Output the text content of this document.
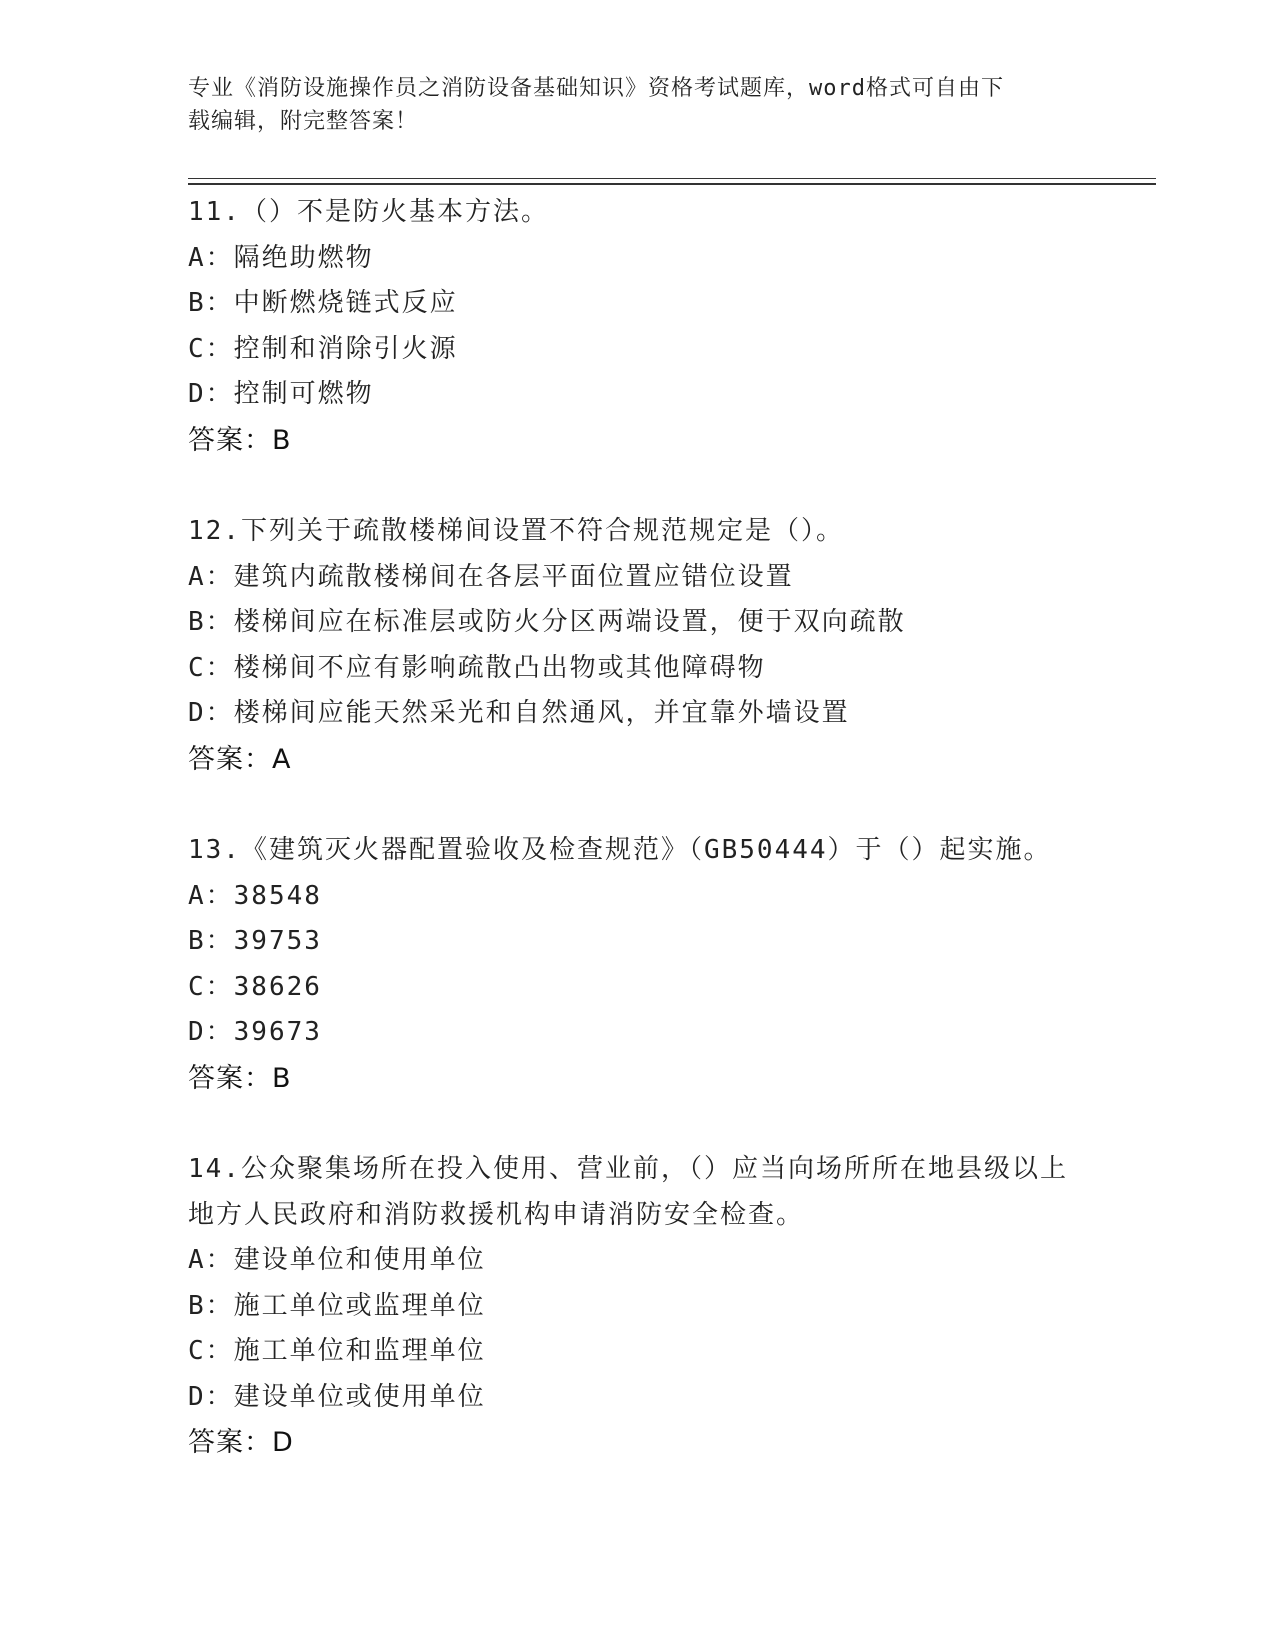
专业《消防设施操作员之消防设备基础知识》资格考试题库，word格式可自由下
载编辑，附完整答案！
11.（）不是防火基本方法。
A：隔绝助燃物
B：中断燃烧链式反应
C：控制和消除引火源
D：控制可燃物
答案 ： B
12.下列关于疏散楼梯间设置不符合规范规定是（）。
A：建筑内疏散楼梯间在各层平面位置应错位设置
B：楼梯间应在标准层或防火分区两端设置，便于双向疏散
C：楼梯间不应有影响疏散凸出物或其他障碍物
D：楼梯间应能天然采光和自然通风，并宜靠外墙设置
答案 ： A
13.《建筑灭火器配置验收及检查规范》（GB50444）于（）起实施。
A：38548
B：39753
C：38626
D：39673
答案 ： B
14.公众聚集场所在投入使用、营业前，（）应当向场所所在地县级以上地方人民政府和消防救援机构申请消防安全检查。
A：建设单位和使用单位
B：施工单位或监理单位
C：施工单位和监理单位
D：建设单位或使用单位
答案 ： D
